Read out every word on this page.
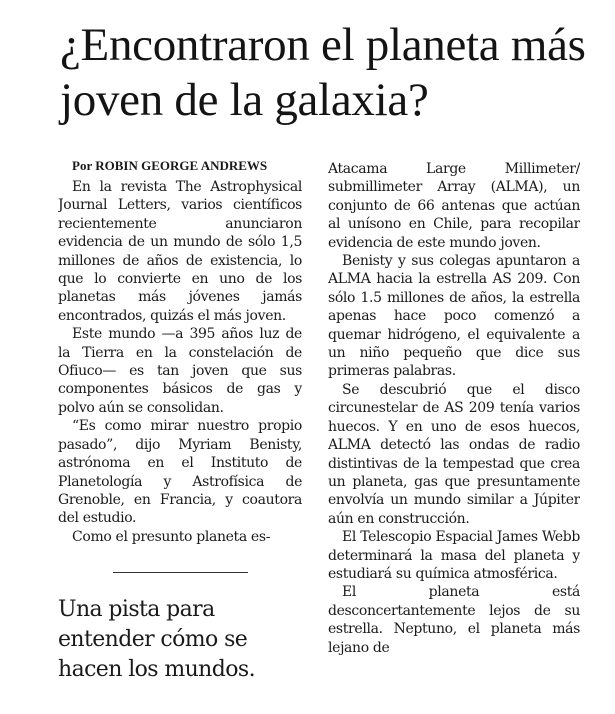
¿Encontraron el planeta más joven de la galaxia?
Por ROBIN GEORGE ANDREWS

En la revista The Astrophysical Journal Letters, varios científicos recientemente anunciaron evidencia de un mundo de sólo 1,5 millones de años de existencia, lo que lo convierte en uno de los planetas más jóvenes jamás encontrados, quizás el más joven.

Este mundo —a 395 años luz de la Tierra en la constelación de Ofiuco— es tan joven que sus componentes básicos de gas y polvo aún se consolidan.

“Es como mirar nuestro propio pasado”, dijo Myriam Benisty, astrónoma en el Instituto de Planetología y Astrofísica de Grenoble, en Francia, y coautora del estudio.

Como el presunto planeta es-

Una pista para entender cómo se hacen los mundos.

Atacama Large Millimeter/ submillimeter Array (ALMA), un conjunto de 66 antenas que actúan al unísono en Chile, para recopilar evidencia de este mundo joven.

Benisty y sus colegas apuntaron a ALMA hacia la estrella AS 209. Con sólo 1.5 millones de años, la estrella apenas hace poco comenzó a quemar hidrógeno, el equivalente a un niño pequeño que dice sus primeras palabras.

Se descubrió que el disco circunestelar de AS 209 tenía varios huecos. Y en uno de esos huecos, ALMA detectó las ondas de radio distintivas de la tempestad que crea un planeta, gas que presuntamente envolvía un mundo similar a Júpiter aún en construcción.

El Telescopio Espacial James Webb determinará la masa del planeta y estudiará su química atmosférica.

El planeta está desconcertantemente lejos de su estrella. Neptuno, el planeta más lejano de
